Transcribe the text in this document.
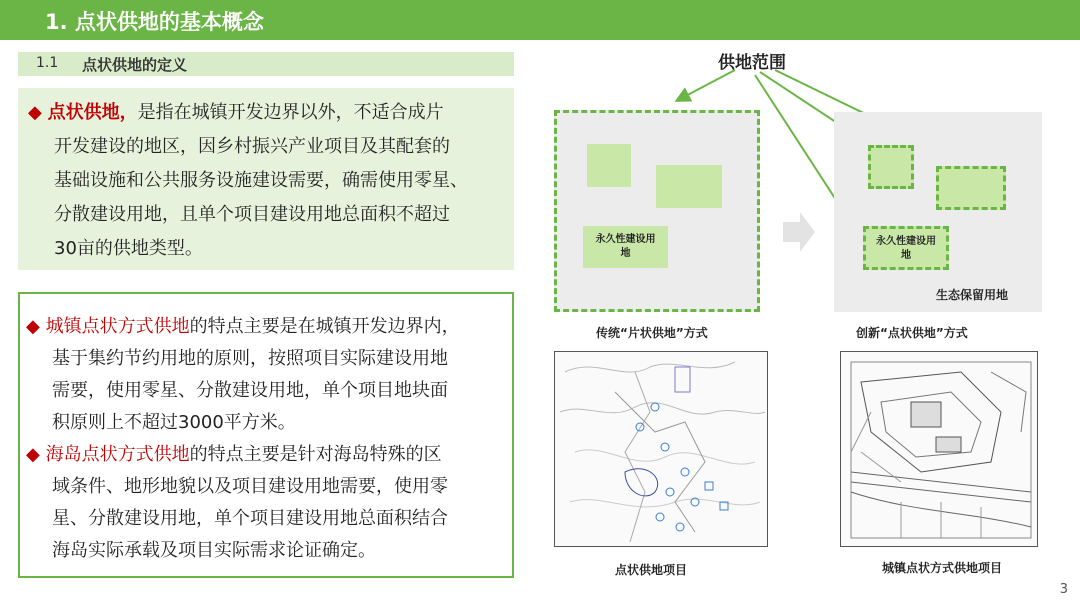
1. 点状供地的基本概念
1.1 点状供地的定义
◆ 点状供地，是指在城镇开发边界以外，不适合成片
开发建设的地区，因乡村振兴产业项目及其配套的
基础设施和公共服务设施建设需要，确需使用零星、
分散建设用地，且单个项目建设用地总面积不超过
30亩的供地类型。
◆ 城镇点状方式供地的特点主要是在城镇开发边界内，
基于集约节约用地的原则，按照项目实际建设用地
需要，使用零星、分散建设用地，单个项目地块面
积原则上不超过3000平方米。
◆ 海岛点状方式供地的特点主要是针对海岛特殊的区
域条件、地形地貌以及项目建设用地需要，使用零
星、分散建设用地，单个项目建设用地总面积结合
海岛实际承载及项目实际需求论证确定。
供地范围
永久性建设用
地
传统“片状供地”方式
永久性建设用
地
生态保留用地
创新“点状供地”方式
点状供地项目	城镇点状方式供地项目
3
